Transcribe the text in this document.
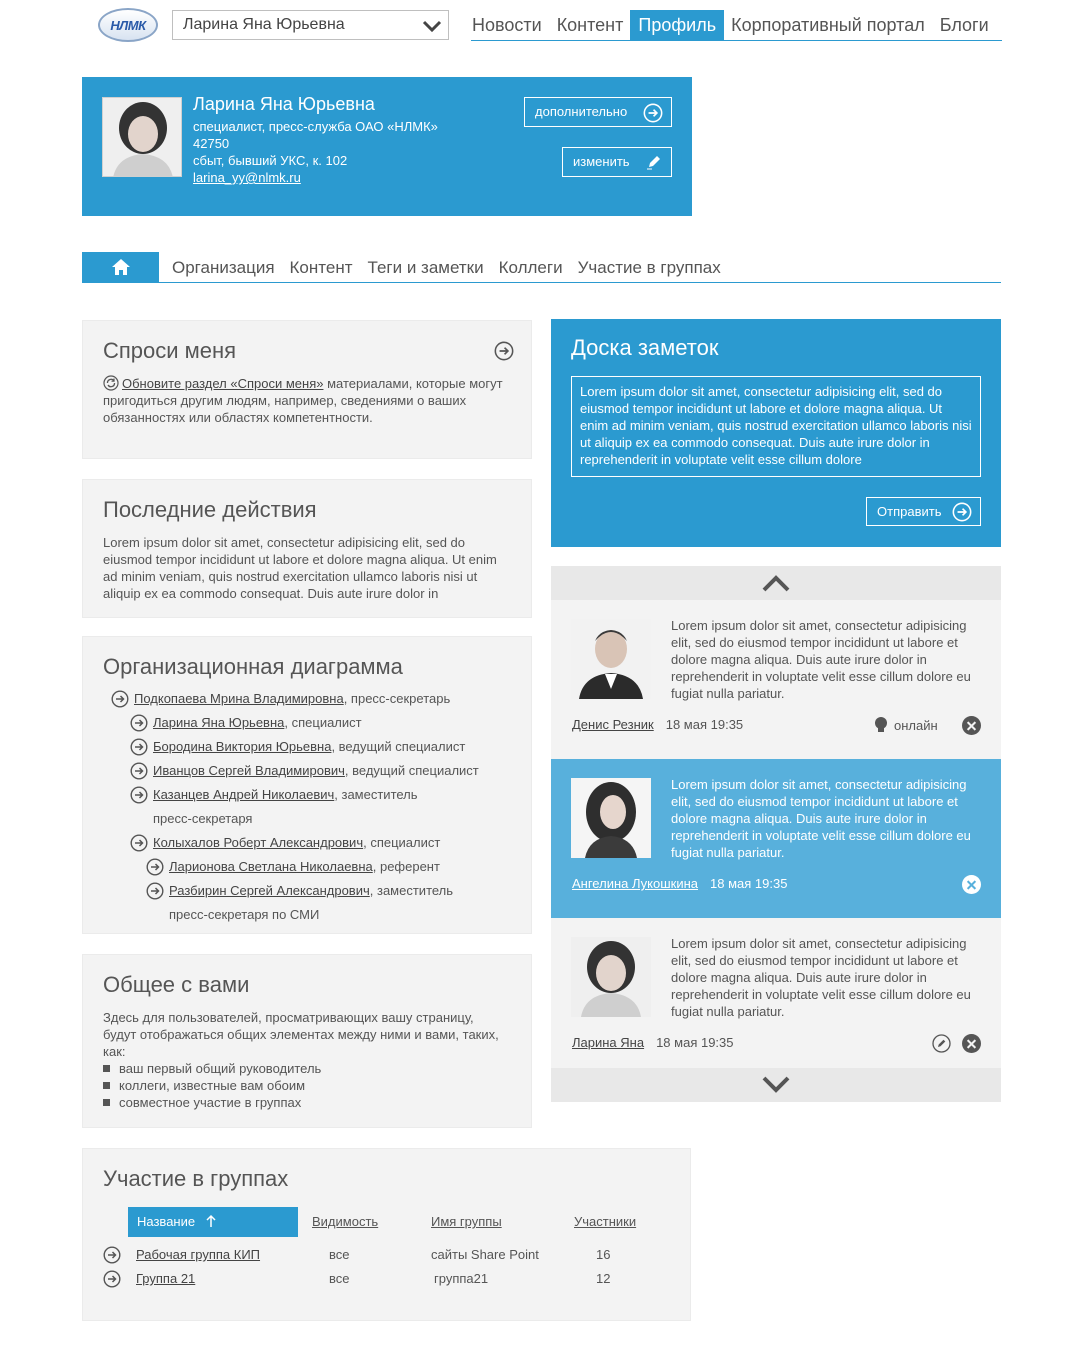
НЛМК	Ларина Яна Юрьевна	Новости Контент Профиль Корпоративный портал Блоги
Ларина Яна Юрьевна
специалист, пресс-служба ОАО «НЛМК»
42750
сбыт, бывший УКС, к. 102
larina_yy@nlmk.ru
дополнительно
изменить
Организация Контент Теги и заметки Коллеги Участие в группах
Спроси меня
Обновите раздел «Спроси меня» материалами, которые могут пригодиться другим людям, например, сведениями о ваших обязанностях или областях компетентности.
Последние действия
Lorem ipsum dolor sit amet, consectetur adipisicing elit, sed do eiusmod tempor incididunt ut labore et dolore magna aliqua. Ut enim ad minim veniam, quis nostrud exercitation ullamco laboris nisi ut aliquip ex ea commodo consequat. Duis aute irure dolor in
Организационная диаграмма
Подкопаева Мрина Владимировна, пресс-секретарь
Ларина Яна Юрьевна, специалист
Бородина Виктория Юрьевна, ведущий специалист
Иванцов Сергей Владимирович, ведущий специалист
Казанцев Андрей Николаевич, заместитель
пресс-секретаря
Колыхалов Роберт Александрович, специалист
Ларионова Светлана Николаевна, референт
Разбирин Сергей Александрович, заместитель
пресс-секретаря по СМИ
Общее с вами
Здесь для пользователей, просматривающих вашу страницу, будут отображаться общих элементах между ними и вами, таких, как:
ваш первый общий руководитель
коллеги, известные вам обоим
совместное участие в группах
Участие в группах
Название	Видимость	Имя группы	Участники
Рабочая группа КИП	все	сайты Share Point	16
Группа 21	все	группа21	12
Доска заметок
Lorem ipsum dolor sit amet, consectetur adipisicing elit, sed do eiusmod tempor incididunt ut labore et dolore magna aliqua. Ut enim ad minim veniam, quis nostrud exercitation ullamco laboris nisi ut aliquip ex ea commodo consequat. Duis aute irure dolor in reprehenderit in voluptate velit esse cillum dolore
Отправить
Lorem ipsum dolor sit amet, consectetur adipisicing elit, sed do eiusmod tempor incididunt ut labore et dolore magna aliqua. Duis aute irure dolor in reprehenderit in voluptate velit esse cillum dolore eu fugiat nulla pariatur.
Денис Резник 18 мая 19:35	онлайн
Lorem ipsum dolor sit amet, consectetur adipisicing elit, sed do eiusmod tempor incididunt ut labore et dolore magna aliqua. Duis aute irure dolor in reprehenderit in voluptate velit esse cillum dolore eu fugiat nulla pariatur.
Ангелина Лукошкина 18 мая 19:35
Lorem ipsum dolor sit amet, consectetur adipisicing elit, sed do eiusmod tempor incididunt ut labore et dolore magna aliqua. Duis aute irure dolor in reprehenderit in voluptate velit esse cillum dolore eu fugiat nulla pariatur.
Ларина Яна 18 мая 19:35
